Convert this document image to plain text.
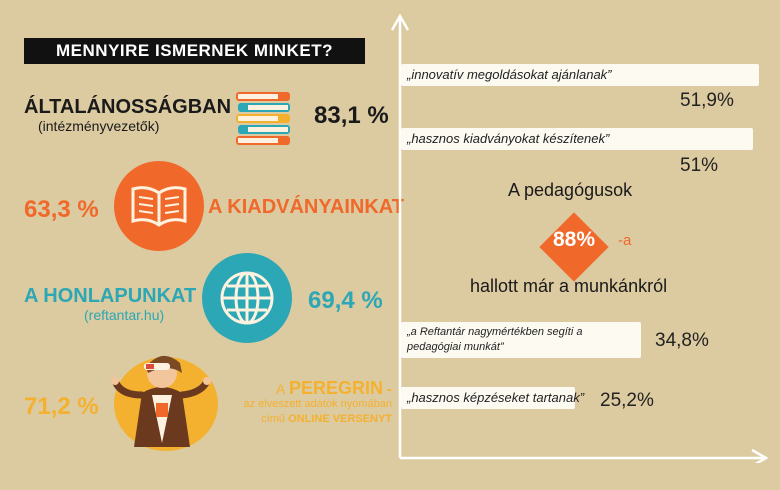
MENNYIRE ISMERNEK MINKET?
ÁLTALÁNOSSÁGBAN
(intézményvezetők)	83,1 %
63,3 %	A KIADVÁNYAINKAT
A HONLAPUNKAT
(reftantar.hu)
69,4 %
71,2 %
A PEREGRIN -
az elveszett adatok nyomában
című ONLINE VERSENYT
„innovatív megoldásokat ajánlanak”
51,9%
„hasznos kiadványokat készítenek”
51%
„a Reftantár nagymértékben segíti a
pedagógiai munkát”	34,8%
„hasznos képzéseket tartanak” 25,2%
A pedagógusok
88%	-a
hallott már a munkánkról
